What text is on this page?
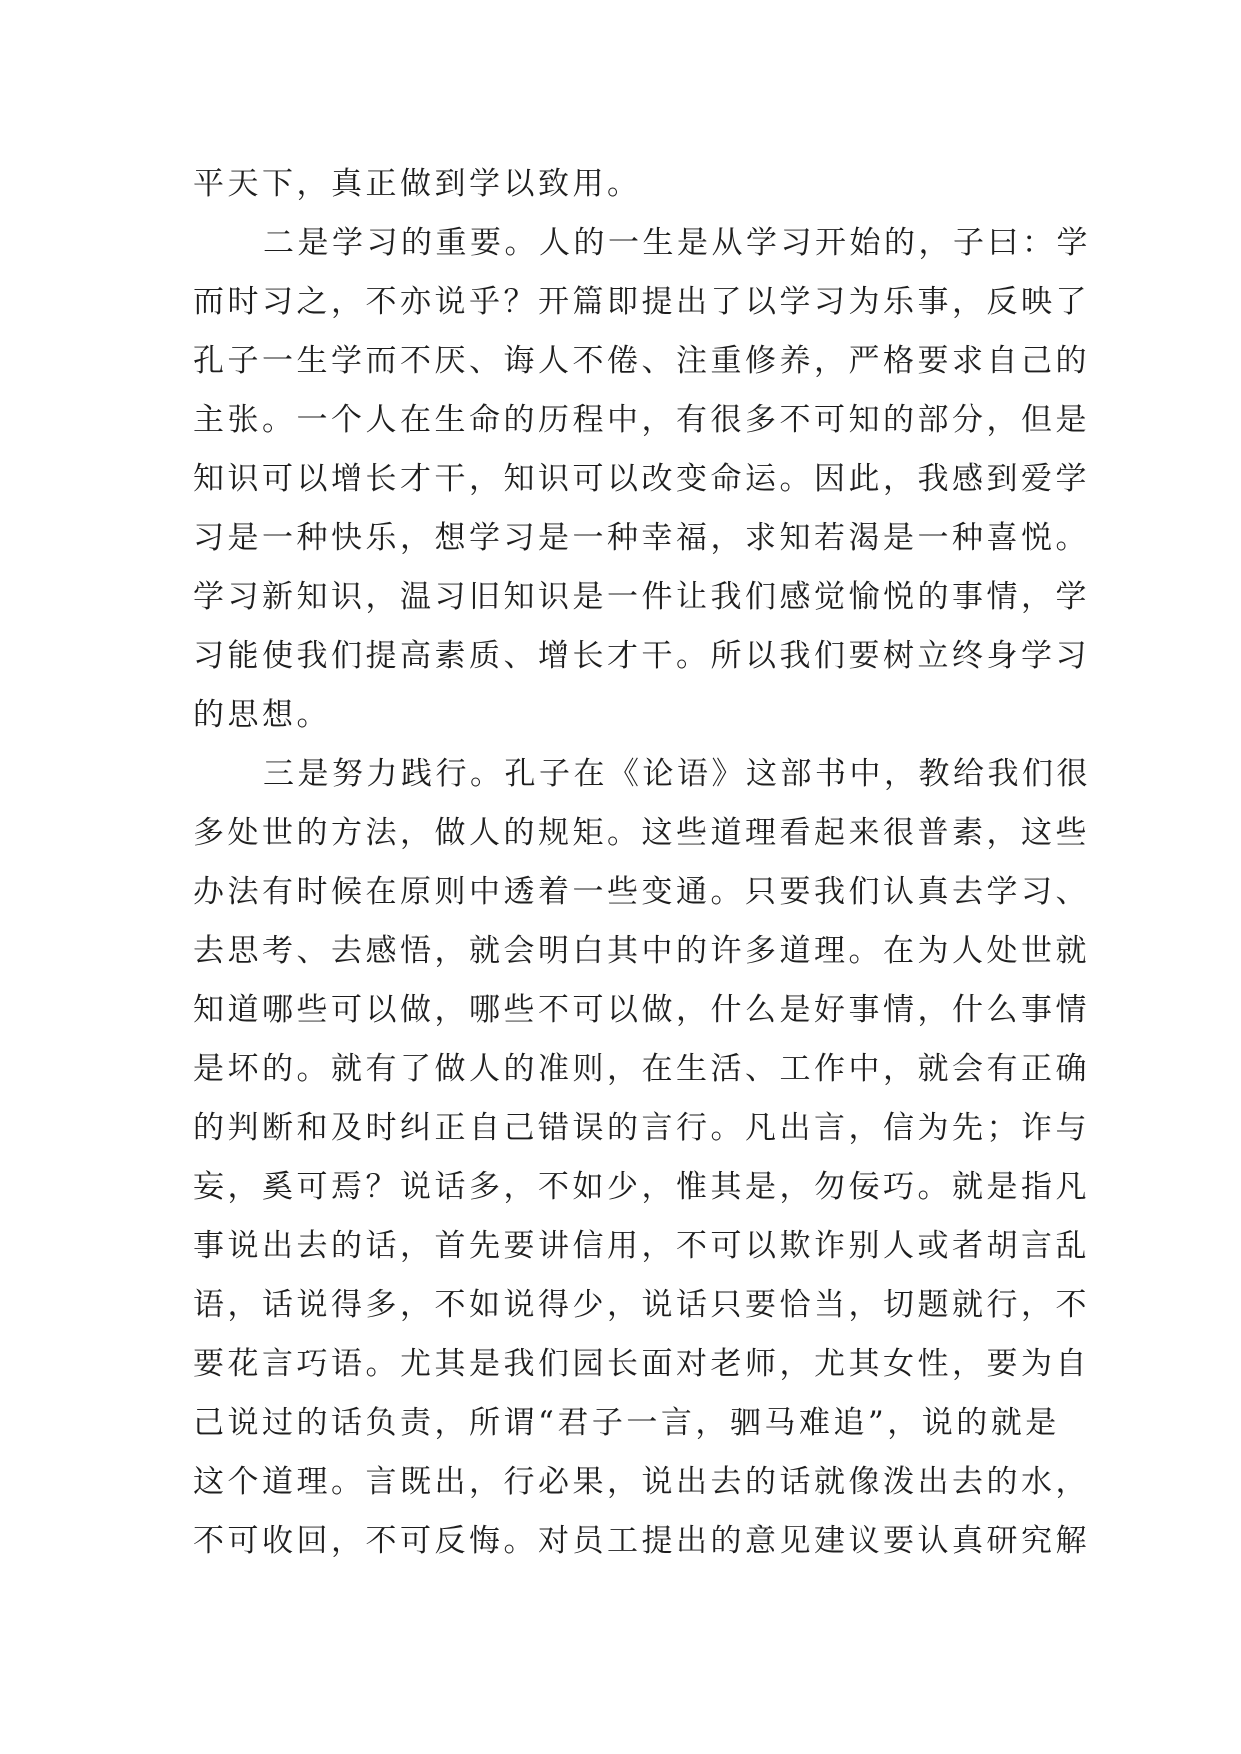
平天下，真正做到学以致用。
二是学习的重要。人的一生是从学习开始的，子曰：学
而时习之，不亦说乎？开篇即提出了以学习为乐事，反映了
孔子一生学而不厌、诲人不倦、注重修养，严格要求自己的
主张。一个人在生命的历程中，有很多不可知的部分，但是
知识可以增长才干，知识可以改变命运。因此，我感到爱学
习是一种快乐，想学习是一种幸福，求知若渴是一种喜悦。
学习新知识，温习旧知识是一件让我们感觉愉悦的事情，学
习能使我们提高素质、增长才干。所以我们要树立终身学习
的思想。
三是努力践行。孔子在《论语》这部书中，教给我们很
多处世的方法，做人的规矩。这些道理看起来很普素，这些
办法有时候在原则中透着一些变通。只要我们认真去学习、
去思考、去感悟，就会明白其中的许多道理。在为人处世就
知道哪些可以做，哪些不可以做，什么是好事情，什么事情
是坏的。就有了做人的准则，在生活、工作中，就会有正确
的判断和及时纠正自己错误的言行。凡出言，信为先；诈与
妄，奚可焉？说话多，不如少，惟其是，勿佞巧。就是指凡
事说出去的话，首先要讲信用，不可以欺诈别人或者胡言乱
语，话说得多，不如说得少，说话只要恰当，切题就行，不
要花言巧语。尤其是我们园长面对老师，尤其女性，要为自
己说过的话负责，所谓“君子一言，驷马难追”，说的就是
这个道理。言既出，行必果，说出去的话就像泼出去的水，
不可收回，不可反悔。对员工提出的意见建议要认真研究解
